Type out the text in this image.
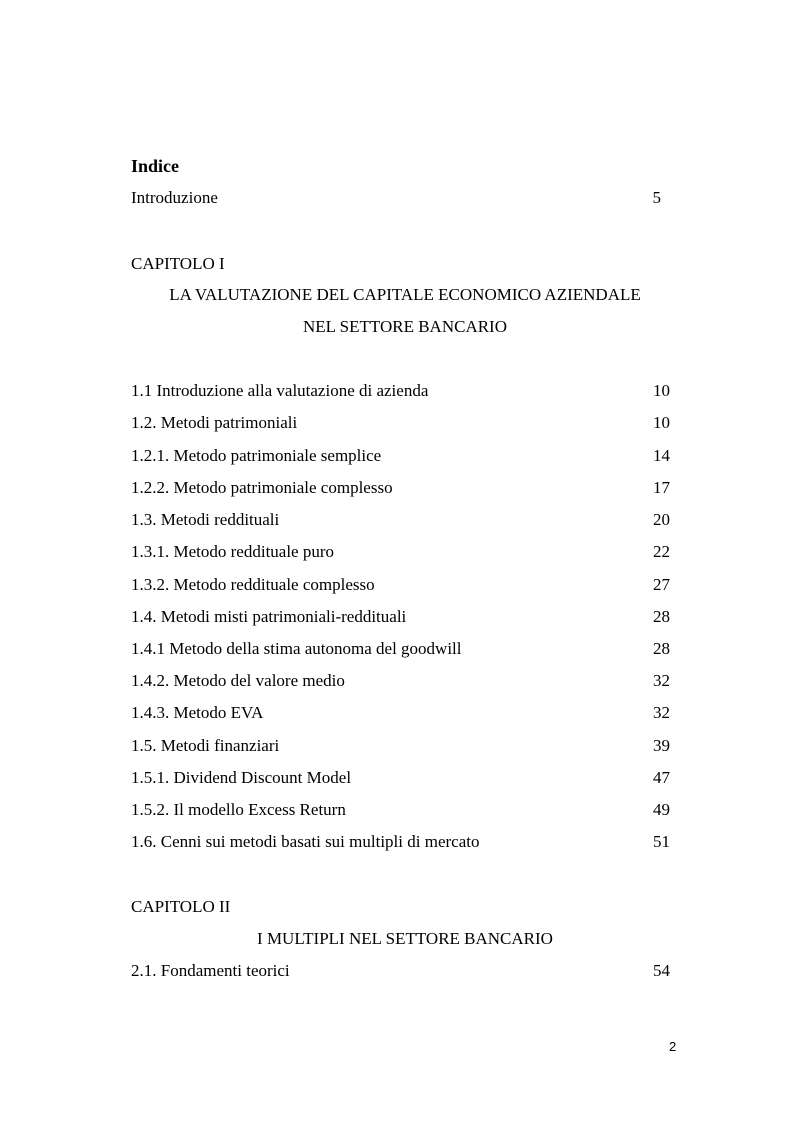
Indice
Introduzione	5
CAPITOLO I
LA VALUTAZIONE DEL CAPITALE ECONOMICO AZIENDALE
NEL SETTORE BANCARIO
1.1 Introduzione alla valutazione di azienda	10
1.2. Metodi patrimoniali	10
1.2.1. Metodo patrimoniale semplice	14
1.2.2. Metodo patrimoniale complesso	17
1.3. Metodi reddituali	20
1.3.1. Metodo reddituale puro	22
1.3.2. Metodo reddituale complesso	27
1.4. Metodi misti patrimoniali-reddituali	28
1.4.1 Metodo della stima autonoma del goodwill	28
1.4.2. Metodo del valore medio	32
1.4.3. Metodo EVA	32
1.5. Metodi finanziari	39
1.5.1. Dividend Discount Model	47
1.5.2. Il modello Excess Return	49
1.6. Cenni sui metodi basati sui multipli di mercato	51
CAPITOLO II
I MULTIPLI NEL SETTORE BANCARIO
2.1. Fondamenti teorici	54
2
